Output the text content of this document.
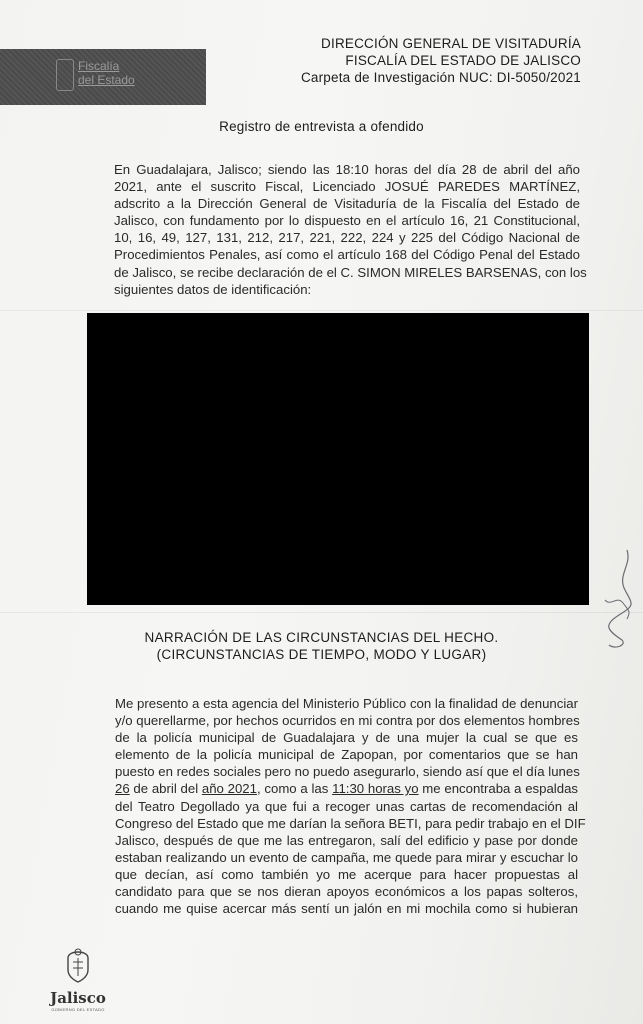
Fiscalía
del Estado
DIRECCIÓN GENERAL DE VISITADURÍA
FISCALÍA DEL ESTADO DE JALISCO
Carpeta de Investigación NUC: DI-5050/2021
Registro de entrevista a ofendido
En Guadalajara, Jalisco; siendo las 18:10 horas del día 28 de abril del año
2021, ante el suscrito Fiscal, Licenciado JOSUÉ PAREDES MARTÍNEZ,
adscrito a la Dirección General de Visitaduría de la Fiscalía del Estado de
Jalisco, con fundamento por lo dispuesto en el artículo 16, 21 Constitucional,
10, 16, 49, 127, 131, 212, 217, 221, 222, 224 y 225 del Código Nacional de
Procedimientos Penales, así como el artículo 168 del Código Penal del Estado
de Jalisco, se recibe declaración de el C. SIMON MIRELES BARSENAS, con los
siguientes datos de identificación:
NARRACIÓN DE LAS CIRCUNSTANCIAS DEL HECHO.
(CIRCUNSTANCIAS DE TIEMPO, MODO Y LUGAR)
Me presento a esta agencia del Ministerio Público con la finalidad de denunciar
y/o querellarme, por hechos ocurridos en mi contra por dos elementos hombres
de la policía municipal de Guadalajara y de una mujer la cual se que es
elemento de la policía municipal de Zapopan, por comentarios que se han
puesto en redes sociales pero no puedo asegurarlo, siendo así que el día lunes
26 de abril del año 2021, como a las 11:30 horas yo me encontraba a espaldas
del Teatro Degollado ya que fui a recoger unas cartas de recomendación al
Congreso del Estado que me darían la señora BETI, para pedir trabajo en el DIF
Jalisco, después de que me las entregaron, salí del edificio y pase por donde
estaban realizando un evento de campaña, me quede para mirar y escuchar lo
que decían, así como también yo me acerque para hacer propuestas al
candidato para que se nos dieran apoyos económicos a los papas solteros,
cuando me quise acercar más sentí un jalón en mi mochila como si hubieran
Jalisco
GOBIERNO DEL ESTADO
